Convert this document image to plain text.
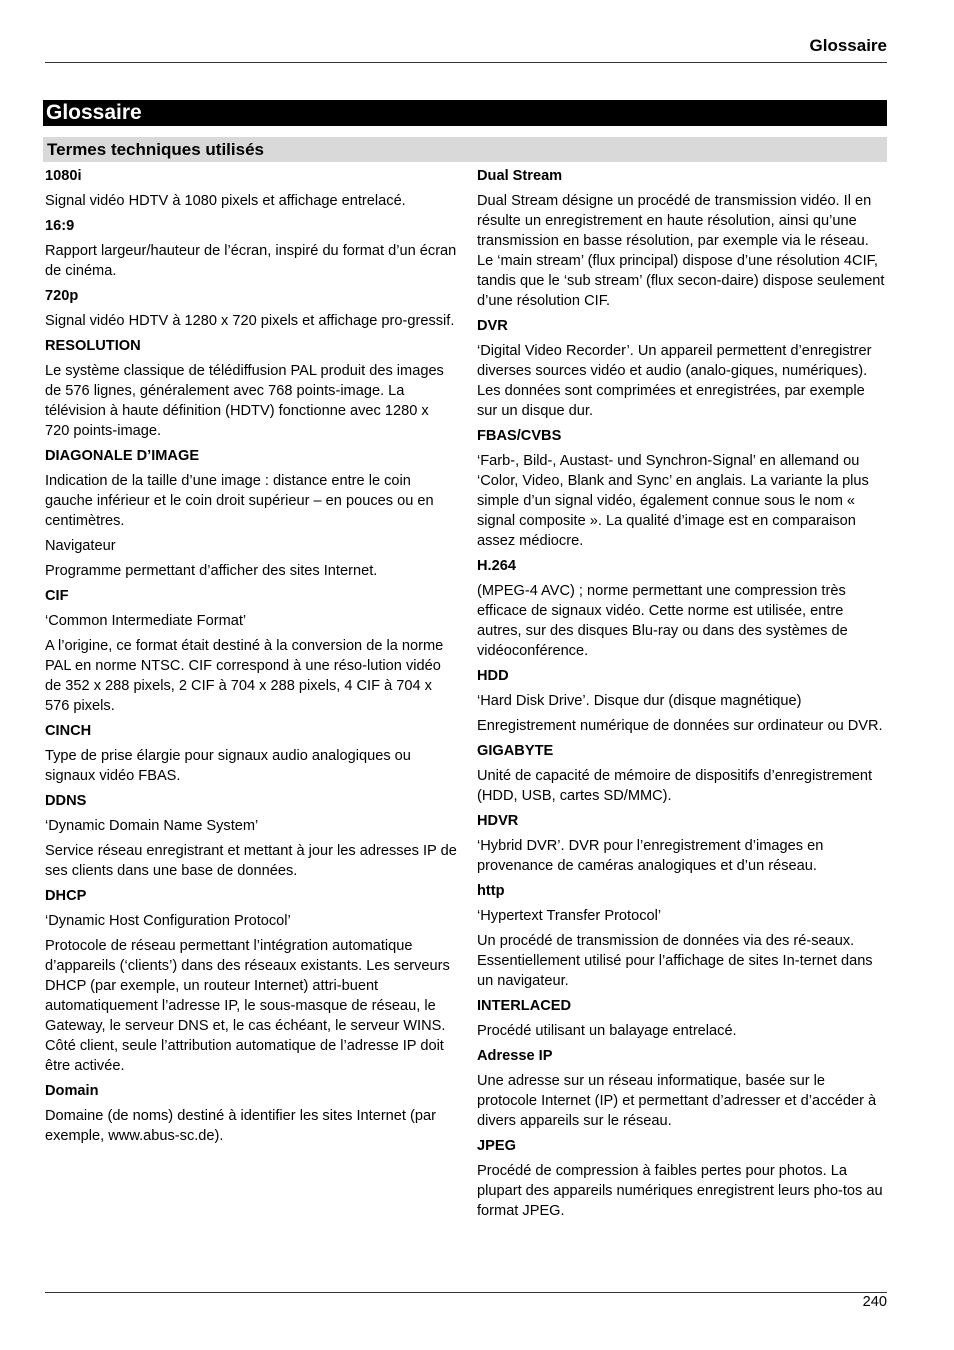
Glossaire
Glossaire
Termes techniques utilisés

1080i

Signal vidéo HDTV à 1080 pixels et affichage entrelacé.

16:9

Rapport largeur/hauteur de l’écran, inspiré du format d’un écran de cinéma.

720p

Signal vidéo HDTV à 1280 x 720 pixels et affichage pro-gressif.

RESOLUTION

Le système classique de télédiffusion PAL produit des images de 576 lignes, généralement avec 768 points-image. La télévision à haute définition (HDTV) fonctionne avec 1280 x 720 points-image.

DIAGONALE D’IMAGE

Indication de la taille d’une image : distance entre le coin gauche inférieur et le coin droit supérieur – en pouces ou en centimètres.

Navigateur

Programme permettant d’afficher des sites Internet.

CIF

‘Common Intermediate Format’

A l’origine, ce format était destiné à la conversion de la norme PAL en norme NTSC. CIF correspond à une réso-lution vidéo de 352 x 288 pixels, 2 CIF à 704 x 288 pixels, 4 CIF à 704 x 576 pixels.

CINCH

Type de prise élargie pour signaux audio analogiques ou signaux vidéo FBAS.

DDNS

‘Dynamic Domain Name System’

Service réseau enregistrant et mettant à jour les adresses IP de ses clients dans une base de données.

DHCP

‘Dynamic Host Configuration Protocol’

Protocole de réseau permettant l’intégration automatique d’appareils (‘clients’) dans des réseaux existants. Les serveurs DHCP (par exemple, un routeur Internet) attri-buent automatiquement l’adresse IP, le sous-masque de réseau, le Gateway, le serveur DNS et, le cas échéant, le serveur WINS. Côté client, seule l’attribution automatique de l’adresse IP doit être activée.

Domain

Domaine (de noms) destiné à identifier les sites Internet (par exemple, www.abus-sc.de).

Dual Stream

Dual Stream désigne un procédé de transmission vidéo. Il en résulte un enregistrement en haute résolution, ainsi qu’une transmission en basse résolution, par exemple via le réseau. Le ‘main stream’ (flux principal) dispose d’une résolution 4CIF, tandis que le ‘sub stream’ (flux secon-daire) dispose seulement d’une résolution CIF.

DVR

‘Digital Video Recorder’. Un appareil permettent d’enregistrer diverses sources vidéo et audio (analo-giques, numériques). Les données sont comprimées et enregistrées, par exemple sur un disque dur.

FBAS/CVBS

‘Farb-, Bild-, Austast- und Synchron-Signal’ en allemand ou ‘Color, Video, Blank and Sync’ en anglais. La variante la plus simple d’un signal vidéo, également connue sous le nom « signal composite ». La qualité d’image est en comparaison assez médiocre.

H.264

(MPEG-4 AVC) ; norme permettant une compression très efficace de signaux vidéo. Cette norme est utilisée, entre autres, sur des disques Blu-ray ou dans des systèmes de vidéoconférence.

HDD

‘Hard Disk Drive’. Disque dur (disque magnétique)

Enregistrement numérique de données sur ordinateur ou DVR.

GIGABYTE

Unité de capacité de mémoire de dispositifs d’enregistrement (HDD, USB, cartes SD/MMC).

HDVR

‘Hybrid DVR’. DVR pour l’enregistrement d’images en provenance de caméras analogiques et d’un réseau.

http

‘Hypertext Transfer Protocol’

Un procédé de transmission de données via des ré-seaux. Essentiellement utilisé pour l’affichage de sites In-ternet dans un navigateur.

INTERLACED

Procédé utilisant un balayage entrelacé.

Adresse IP

Une adresse sur un réseau informatique, basée sur le protocole Internet (IP) et permettant d’adresser et d’accéder à divers appareils sur le réseau.

JPEG

Procédé de compression à faibles pertes pour photos. La plupart des appareils numériques enregistrent leurs pho-tos au format JPEG.

240
